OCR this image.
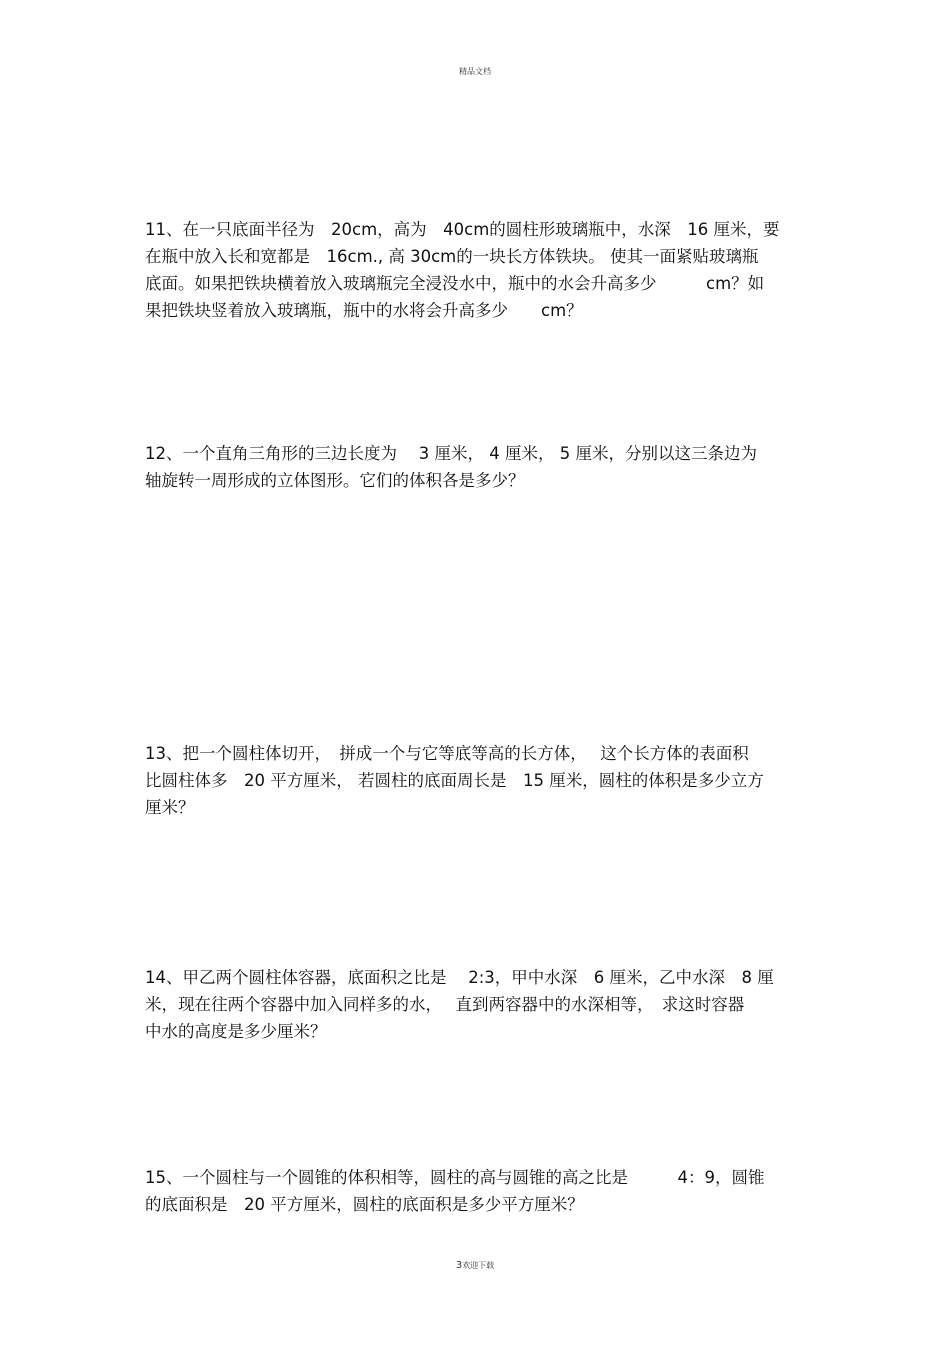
精品文档
11、在一只底面半径为　20cm，高为　40cm的圆柱形玻璃瓶中，水深　16 厘米，要
在瓶中放入长和宽都是　16cm., 高 30cm的一块长方体铁块。 使其一面紧贴玻璃瓶
底面。如果把铁块横着放入玻璃瓶完全浸没水中，瓶中的水会升高多少　　　cm？如
果把铁块竖着放入玻璃瓶，瓶中的水将会升高多少　　cm？
12、一个直角三角形的三边长度为　 3 厘米， 4 厘米， 5 厘米，分别以这三条边为
轴旋转一周形成的立体图形。它们的体积各是多少？
13、把一个圆柱体切开，　拼成一个与它等底等高的长方体，　 这个长方体的表面积
比圆柱体多　20 平方厘米， 若圆柱的底面周长是　15 厘米，圆柱的体积是多少立方
厘米？
14、甲乙两个圆柱体容器，底面积之比是　 2:3，甲中水深　6 厘米，乙中水深　8 厘
米，现在往两个容器中加入同样多的水，　 直到两容器中的水深相等，　求这时容器
中水的高度是多少厘米？
15、一个圆柱与一个圆锥的体积相等，圆柱的高与圆锥的高之比是　　　4：9，圆锥
的底面积是　20 平方厘米，圆柱的底面积是多少平方厘米？
3欢迎下载
